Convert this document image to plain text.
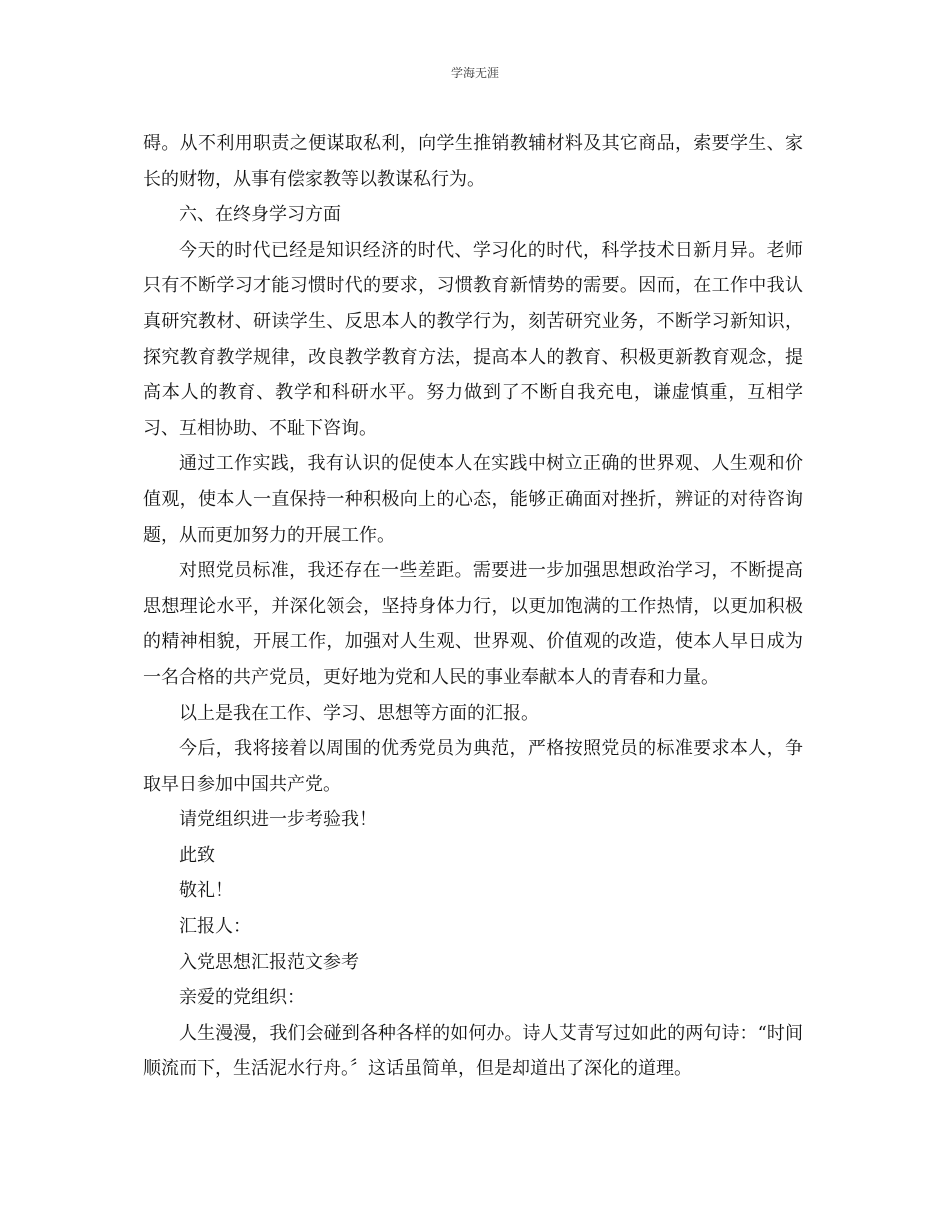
学海无涯

碍。从不利用职责之便谋取私利，向学生推销教辅材料及其它商品，索要学生、家长的财物，从事有偿家教等以教谋私行为。

六、在终身学习方面

今天的时代已经是知识经济的时代、学习化的时代，科学技术日新月异。老师只有不断学习才能习惯时代的要求，习惯教育新情势的需要。因而，在工作中我认真研究教材、研读学生、反思本人的教学行为，刻苦研究业务，不断学习新知识，探究教育教学规律，改良教学教育方法，提高本人的教育、积极更新教育观念，提高本人的教育、教学和科研水平。努力做到了不断自我充电，谦虚慎重，互相学习、互相协助、不耻下咨询。

通过工作实践，我有认识的促使本人在实践中树立正确的世界观、人生观和价值观，使本人一直保持一种积极向上的心态，能够正确面对挫折，辨证的对待咨询题，从而更加努力的开展工作。

对照党员标准，我还存在一些差距。需要进一步加强思想政治学习，不断提高思想理论水平，并深化领会，坚持身体力行，以更加饱满的工作热情，以更加积极的精神相貌，开展工作，加强对人生观、世界观、价值观的改造，使本人早日成为一名合格的共产党员，更好地为党和人民的事业奉献本人的青春和力量。

以上是我在工作、学习、思想等方面的汇报。

今后，我将接着以周围的优秀党员为典范，严格按照党员的标准要求本人，争取早日参加中国共产党。

请党组织进一步考验我！

此致

敬礼！

汇报人：

入党思想汇报范文参考

亲爱的党组织：

人生漫漫，我们会碰到各种各样的如何办。诗人艾青写过如此的两句诗：“时间顺流而下，生活泥水行舟。〞这话虽简单，但是却道出了深化的道理。
